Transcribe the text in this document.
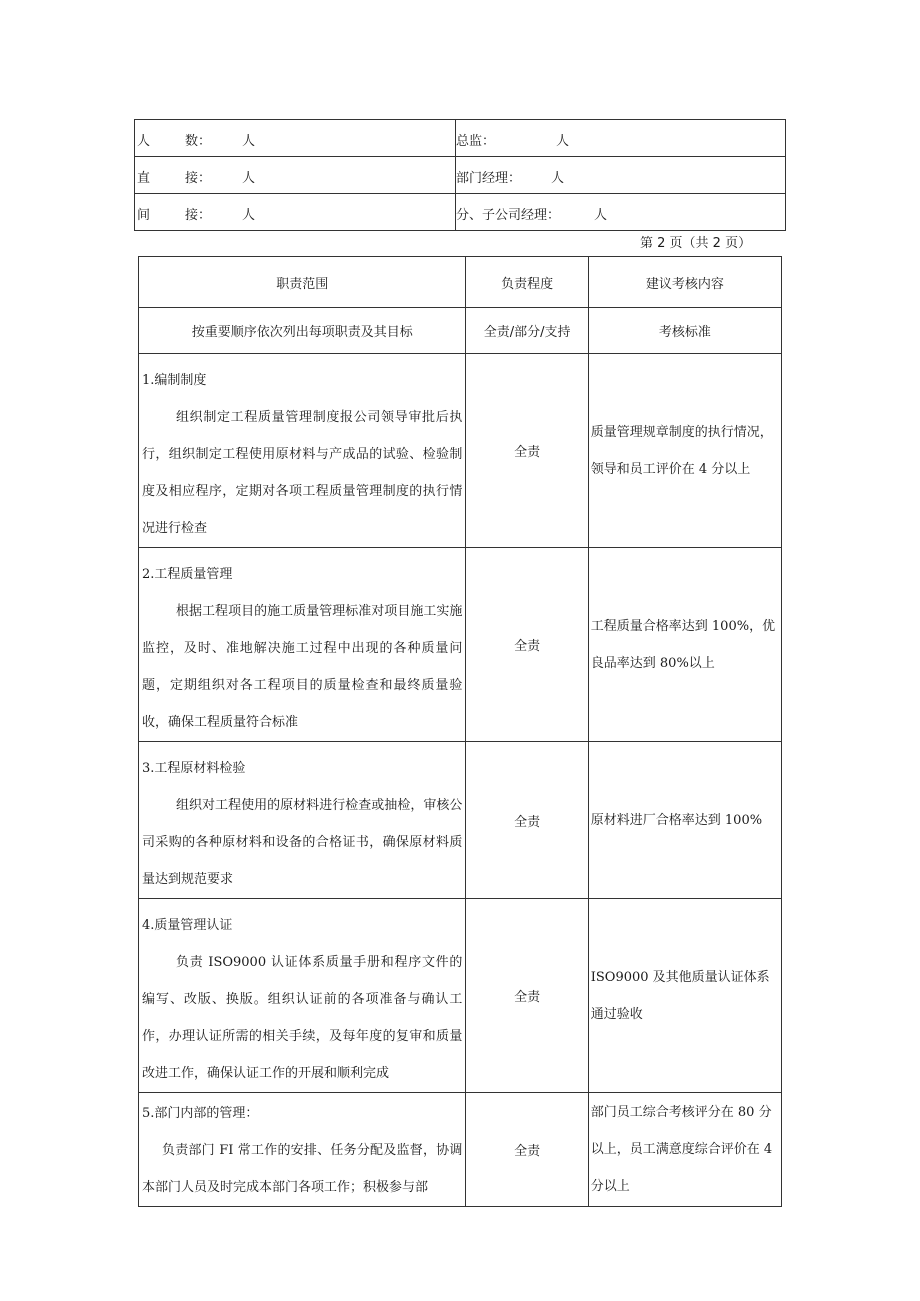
人 数： 人	总监： 人

直 接： 人	部门经理： 人

间 接： 人	分、子公司经理： 人
第 2 页（共 2 页）
职责范围	负责程度	建议考核内容
按重要顺序依次列出每项职责及其目标	全责/部分/支持	考核标准

1.编制制度
组织制定工程质量管理制度报公司领导审批后执行，组织制定工程使用原材料与产成品的试验、检验制度及相应程序，定期对各项工程质量管理制度的执行情况进行检查	全责	质量管理规章制度的执行情况，领导和员工评价在 4 分以上

2.工程质量管理
根据工程项目的施工质量管理标准对项目施工实施监控，及时、准地解决施工过程中出现的各种质量问题，定期组织对各工程项目的质量检查和最终质量验收，确保工程质量符合标准	全责	工程质量合格率达到 100%，优良品率达到 80%以上

3.工程原材料检验
组织对工程使用的原材料进行检查或抽检，审核公司采购的各种原材料和设备的合格证书，确保原材料质量达到规范要求	全责	原材料进厂合格率达到 100%

4.质量管理认证
负责 ISO9000 认证体系质量手册和程序文件的编写、改版、换版。组织认证前的各项准备与确认工作，办理认证所需的相关手续，及每年度的复审和质量改进工作，确保认证工作的开展和顺利完成	全责	ISO9000 及其他质量认证体系通过验收

5.部门内部的管理：
负责部门 FI 常工作的安排、任务分配及监督，协调本部门人员及时完成本部门各项工作；积极参与部	全责	部门员工综合考核评分在 80 分以上，员工满意度综合评价在 4 分以上
